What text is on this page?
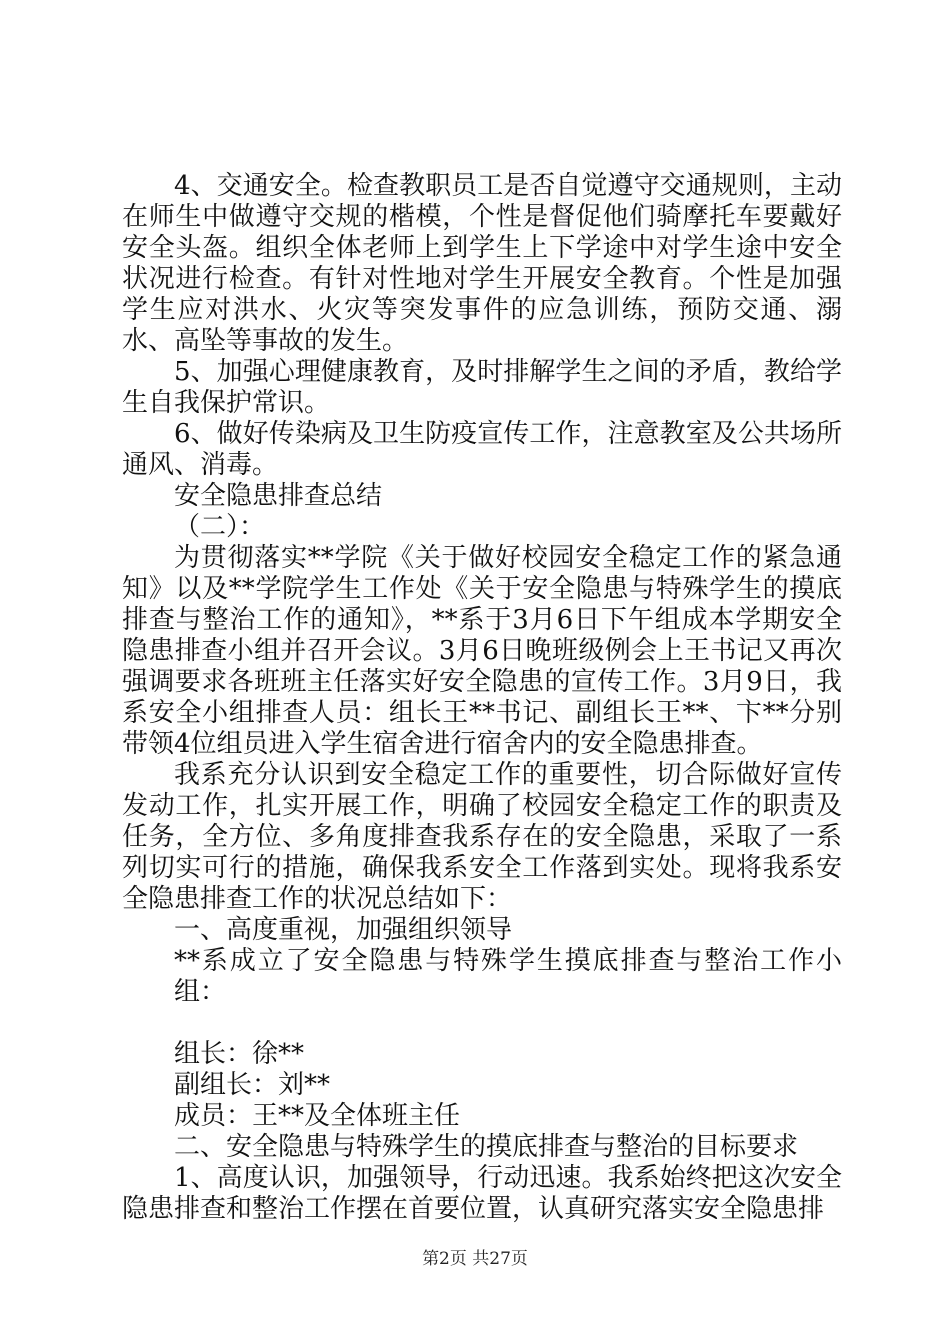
4、交通安全。检查教职员工是否自觉遵守交通规则，主动在师生中做遵守交规的楷模，个性是督促他们骑摩托车要戴好安全头盔。组织全体老师上到学生上下学途中对学生途中安全状况进行检查。有针对性地对学生开展安全教育。个性是加强学生应对洪水、火灾等突发事件的应急训练，预防交通、溺水、高坠等事故的发生。

5、加强心理健康教育，及时排解学生之间的矛盾，教给学生自我保护常识。

6、做好传染病及卫生防疫宣传工作，注意教室及公共场所通风、消毒。

安全隐患排查总结

（二）：

为贯彻落实**学院《关于做好校园安全稳定工作的紧急通知》以及**学院学生工作处《关于安全隐患与特殊学生的摸底排查与整治工作的通知》，**系于3月6日下午组成本学期安全隐患排查小组并召开会议。3月6日晚班级例会上王书记又再次强调要求各班班主任落实好安全隐患的宣传工作。3月9日，我系安全小组排查人员：组长王**书记、副组长王**、卞**分别带领4位组员进入学生宿舍进行宿舍内的安全隐患排查。

我系充分认识到安全稳定工作的重要性，切合际做好宣传发动工作，扎实开展工作，明确了校园安全稳定工作的职责及任务，全方位、多角度排查我系存在的安全隐患，采取了一系列切实可行的措施，确保我系安全工作落到实处。现将我系安全隐患排查工作的状况总结如下：

一、高度重视，加强组织领导

**系成立了安全隐患与特殊学生摸底排查与整治工作小组：

组长：徐**

副组长：刘**

成员：王**及全体班主任

二、安全隐患与特殊学生的摸底排查与整治的目标要求

1、高度认识，加强领导，行动迅速。我系始终把这次安全隐患排查和整治工作摆在首要位置，认真研究落实安全隐患排

第2页 共27页
